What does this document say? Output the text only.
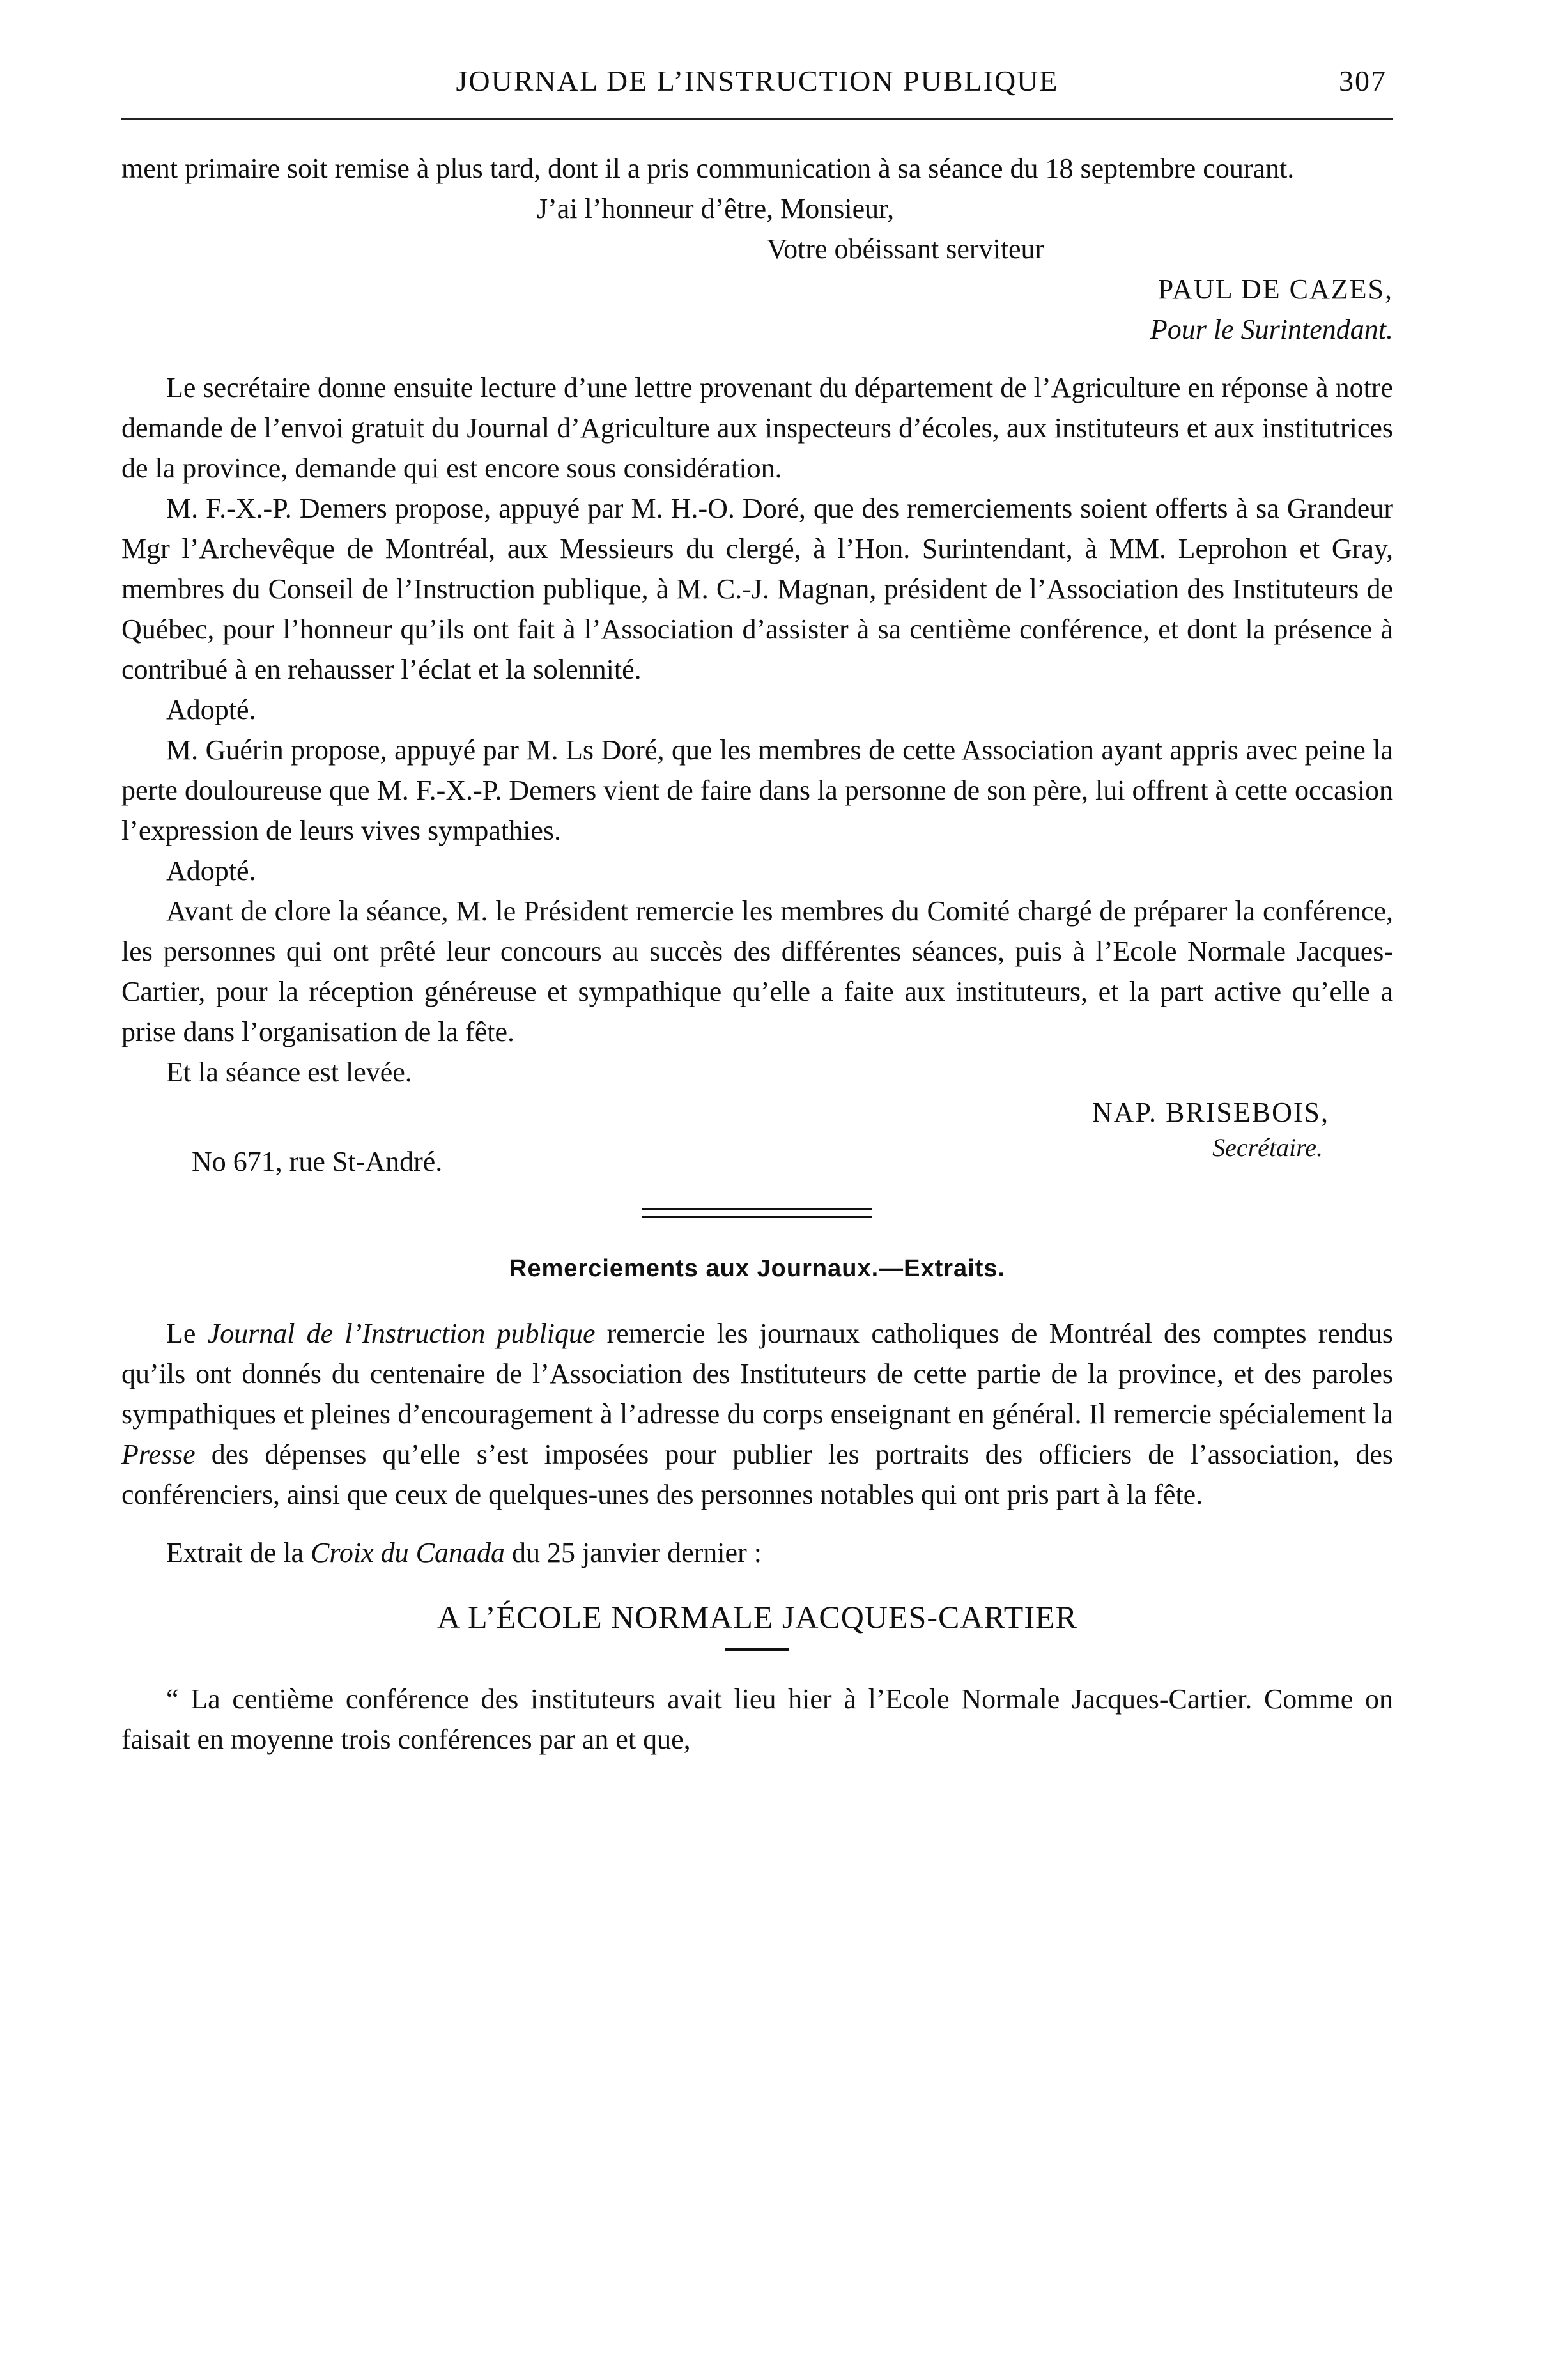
JOURNAL DE L’INSTRUCTION PUBLIQUE	307

ment primaire soit remise à plus tard, dont il a pris communication à sa séance du 18 septembre courant.

J’ai l’honneur d’être, Monsieur,

Votre obéissant serviteur

PAUL DE CAZES,

Pour le Surintendant.

Le secrétaire donne ensuite lecture d’une lettre provenant du département de l’Agriculture en réponse à notre demande de l’envoi gratuit du Journal d’Agriculture aux inspecteurs d’écoles, aux instituteurs et aux institutrices de la province, demande qui est encore sous considération.

M. F.-X.-P. Demers propose, appuyé par M. H.-O. Doré, que des remerciements soient offerts à sa Grandeur Mgr l’Archevêque de Montréal, aux Messieurs du clergé, à l’Hon. Surintendant, à MM. Leprohon et Gray, membres du Conseil de l’Instruction publique, à M. C.-J. Magnan, président de l’Association des Instituteurs de Québec, pour l’honneur qu’ils ont fait à l’Association d’assister à sa centième conférence, et dont la présence à contribué à en rehausser l’éclat et la solennité.

Adopté.

M. Guérin propose, appuyé par M. Ls Doré, que les membres de cette Association ayant appris avec peine la perte douloureuse que M. F.-X.-P. Demers vient de faire dans la personne de son père, lui offrent à cette occasion l’expression de leurs vives sympathies.

Adopté.

Avant de clore la séance, M. le Président remercie les membres du Comité chargé de préparer la conférence, les personnes qui ont prêté leur concours au succès des différentes séances, puis à l’Ecole Normale Jacques-Cartier, pour la réception généreuse et sympathique qu’elle a faite aux instituteurs, et la part active qu’elle a prise dans l’organisation de la fête.

Et la séance est levée.

NAP. BRISEBOIS,

No 671, rue St-André.	Secrétaire.
Remerciements aux Journaux.—Extraits.

Le Journal de l’Instruction publique remercie les journaux catholiques de Montréal des comptes rendus qu’ils ont donnés du centenaire de l’Association des Instituteurs de cette partie de la province, et des paroles sympathiques et pleines d’encouragement à l’adresse du corps enseignant en général. Il remercie spécialement la Presse des dépenses qu’elle s’est imposées pour publier les portraits des officiers de l’association, des conférenciers, ainsi que ceux de quelques-unes des personnes notables qui ont pris part à la fête.

Extrait de la Croix du Canada du 25 janvier dernier :

A L’ÉCOLE NORMALE JACQUES-CARTIER

“ La centième conférence des instituteurs avait lieu hier à l’Ecole Normale Jacques-Cartier. Comme on faisait en moyenne trois conférences par an et que,
